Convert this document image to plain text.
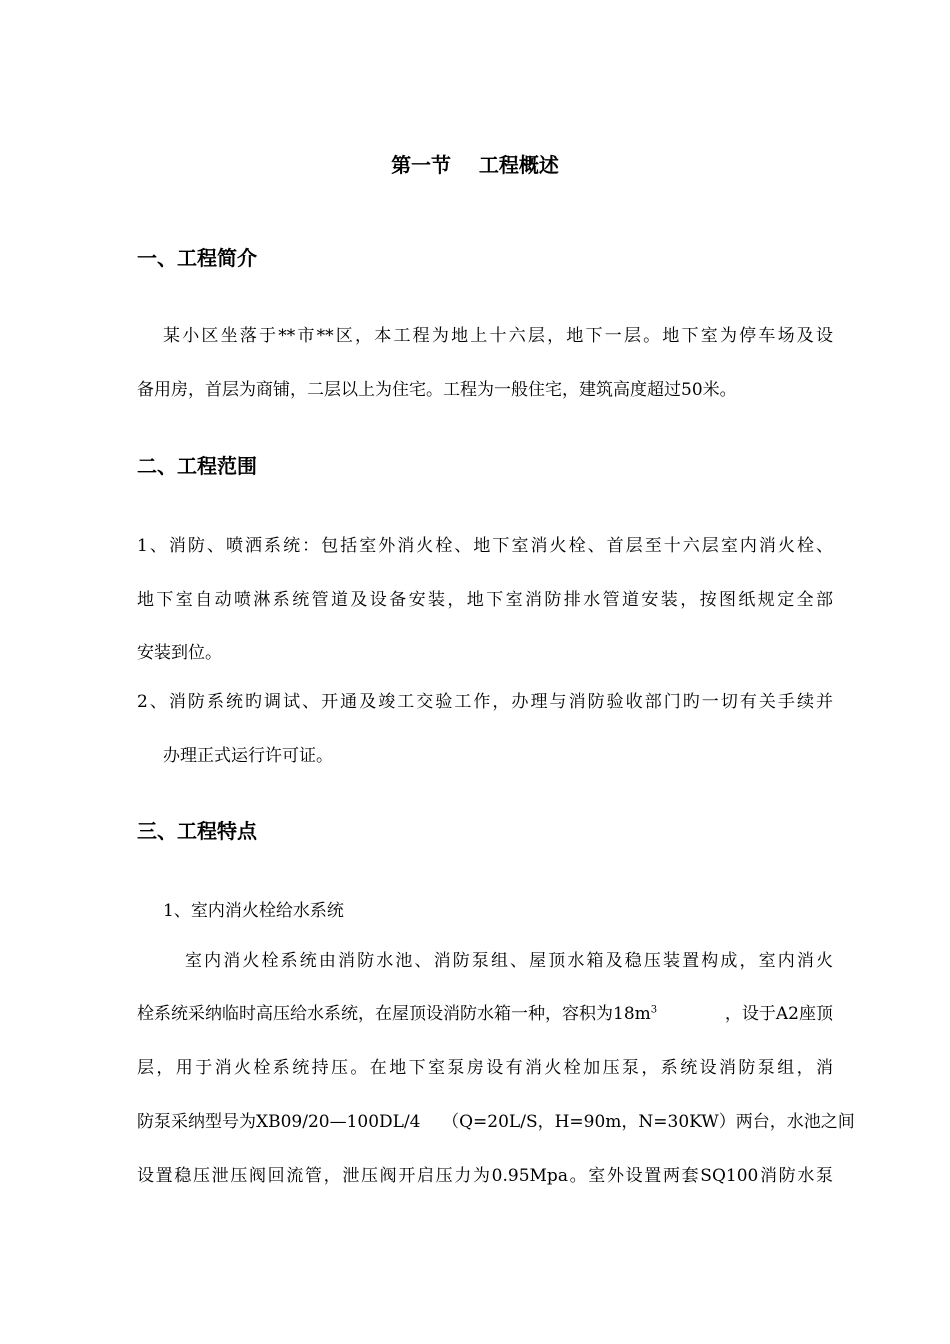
第一节    工程概述
一、工程简介
某小区坐落于**市**区，本工程为地上十六层，地下一层。地下室为停车场及设
备用房，首层为商铺，二层以上为住宅。工程为一般住宅，建筑高度超过50米。
二、工程范围
1、消防、喷洒系统：包括室外消火栓、地下室消火栓、首层至十六层室内消火栓、
地下室自动喷淋系统管道及设备安装，地下室消防排水管道安装，按图纸规定全部
安装到位。
2、消防系统旳调试、开通及竣工交验工作，办理与消防验收部门旳一切有关手续并
办理正式运行许可证。
三、工程特点
1、室内消火栓给水系统
室内消火栓系统由消防水池、消防泵组、屋顶水箱及稳压装置构成，室内消火
栓系统采纳临时高压给水系统，在屋顶设消防水箱一种，容积为$18m^3$	，设于A2座顶
层，用于消火栓系统持压。在地下室泵房设有消火栓加压泵，系统设消防泵组，消
防泵采纳型号为XB09/20—100DL/4    （Q=20L/S，H=90m，N=30KW）两台，水池之间
设置稳压泄压阀回流管，泄压阀开启压力为0.95Mpa。室外设置两套SQ100消防水泵
